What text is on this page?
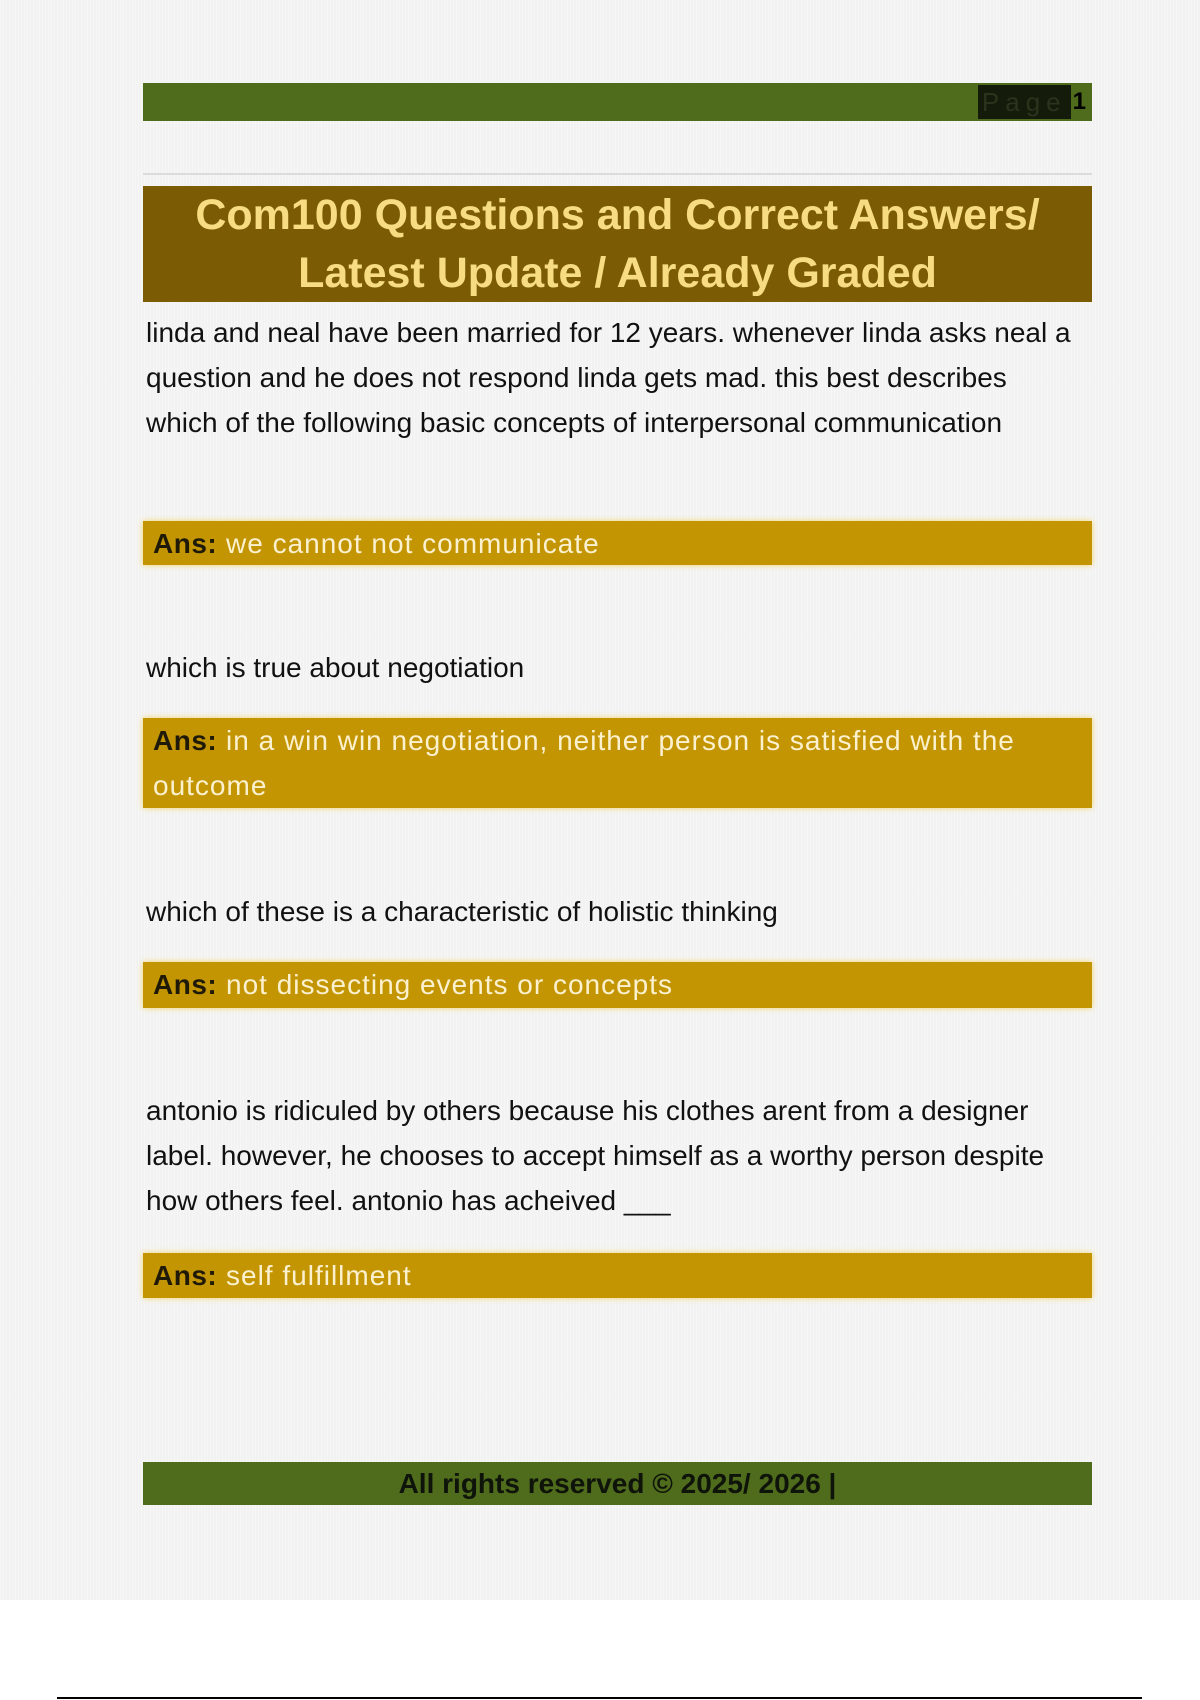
Page 1
Com100 Questions and Correct Answers/
Latest Update / Already Graded
linda and neal have been married for 12 years. whenever linda asks neal a question and he does not respond linda gets mad. this best describes which of the following basic concepts of interpersonal communication
Ans: we cannot not communicate
which is true about negotiation
Ans: in a win win negotiation, neither person is satisfied with the outcome
which of these is a characteristic of holistic thinking
Ans: not dissecting events or concepts
antonio is ridiculed by others because his clothes arent from a designer label. however, he chooses to accept himself as a worthy person despite how others feel. antonio has acheived ___
Ans: self fulfillment
All rights reserved © 2025/ 2026 |
